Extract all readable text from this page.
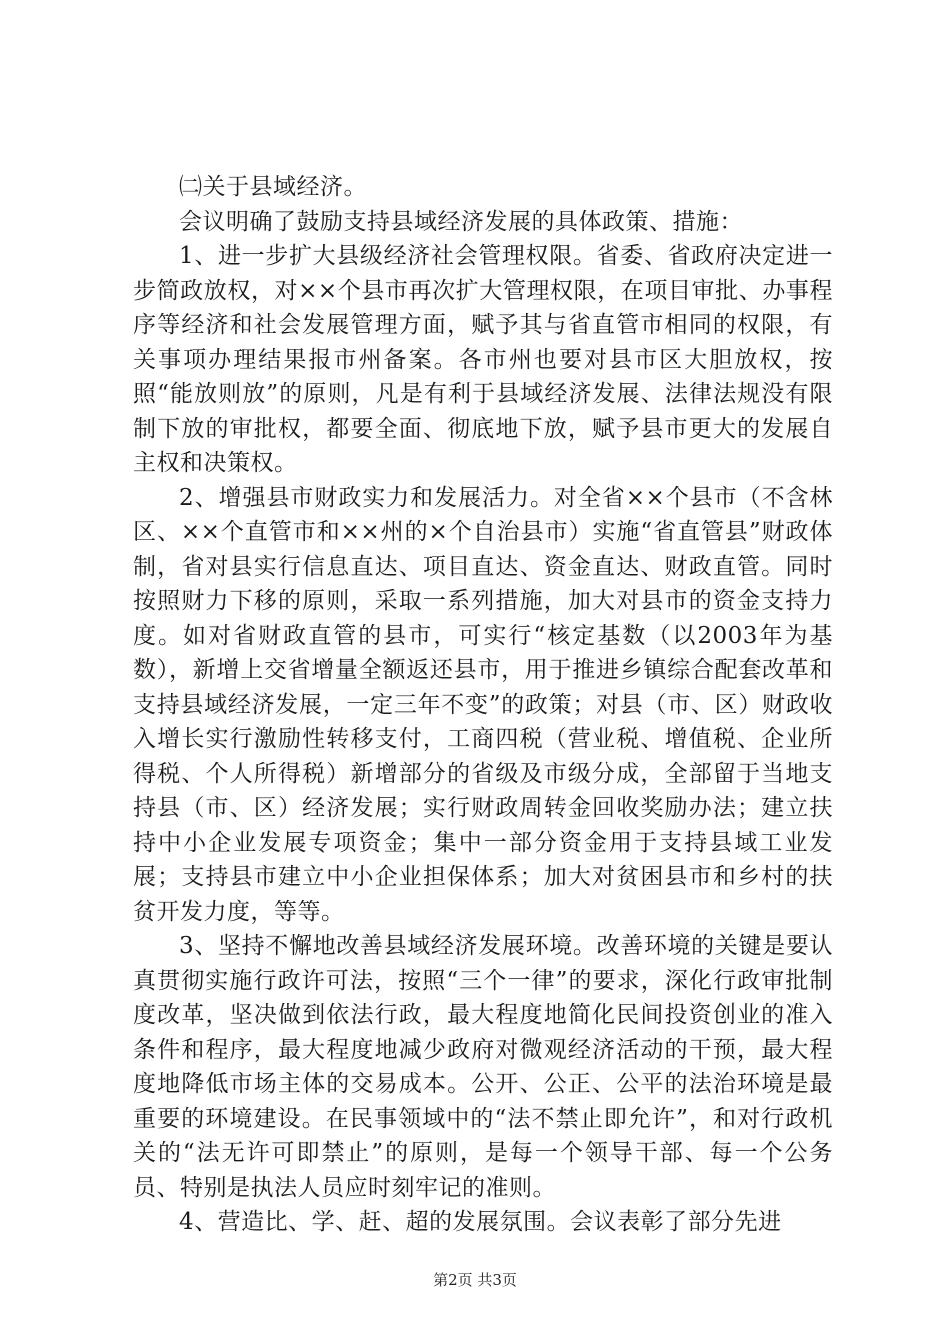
㈡关于县域经济。

会议明确了鼓励支持县域经济发展的具体政策、措施：

1、进一步扩大县级经济社会管理权限。省委、省政府决定进一步简政放权，对××个县市再次扩大管理权限，在项目审批、办事程序等经济和社会发展管理方面，赋予其与省直管市相同的权限，有关事项办理结果报市州备案。各市州也要对县市区大胆放权，按照“能放则放”的原则，凡是有利于县域经济发展、法律法规没有限制下放的审批权，都要全面、彻底地下放，赋予县市更大的发展自主权和决策权。

2、增强县市财政实力和发展活力。对全省××个县市（不含林区、××个直管市和××州的×个自治县市）实施“省直管县”财政体制，省对县实行信息直达、项目直达、资金直达、财政直管。同时按照财力下移的原则，采取一系列措施，加大对县市的资金支持力度。如对省财政直管的县市，可实行“核定基数（以2003年为基数），新增上交省增量全额返还县市，用于推进乡镇综合配套改革和支持县域经济发展，一定三年不变”的政策；对县（市、区）财政收入增长实行激励性转移支付，工商四税（营业税、增值税、企业所得税、个人所得税）新增部分的省级及市级分成，全部留于当地支持县（市、区）经济发展；实行财政周转金回收奖励办法；建立扶持中小企业发展专项资金；集中一部分资金用于支持县域工业发展；支持县市建立中小企业担保体系；加大对贫困县市和乡村的扶贫开发力度，等等。

3、坚持不懈地改善县域经济发展环境。改善环境的关键是要认真贯彻实施行政许可法，按照“三个一律”的要求，深化行政审批制度改革，坚决做到依法行政，最大程度地简化民间投资创业的准入条件和程序，最大程度地减少政府对微观经济活动的干预，最大程度地降低市场主体的交易成本。公开、公正、公平的法治环境是最重要的环境建设。在民事领域中的“法不禁止即允许”，和对行政机关的“法无许可即禁止”的原则，是每一个领导干部、每一个公务员、特别是执法人员应时刻牢记的准则。

4、营造比、学、赶、超的发展氛围。会议表彰了部分先进

第2页 共3页
